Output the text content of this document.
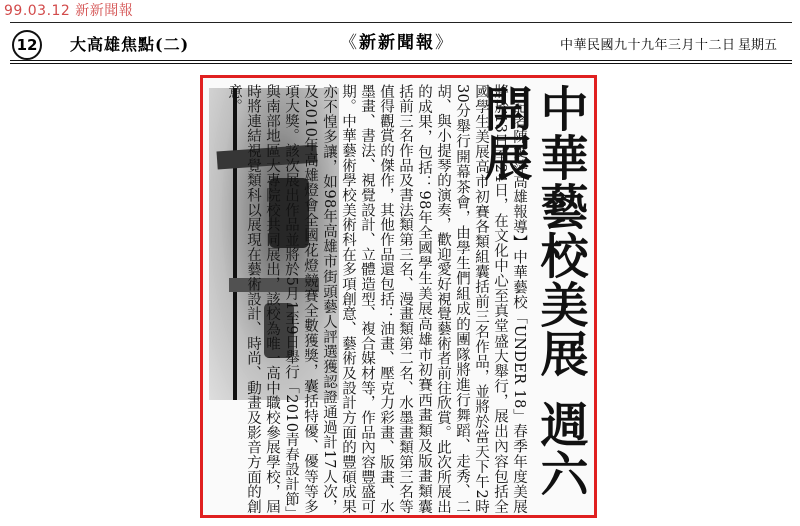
99.03.12 新新聞報
12 大高雄焦點(二)	《新新聞報》	中華民國九十九年三月十二日 星期五

【記者陳雯萍高雄報導】中華藝校「UNDER 18」春季年度美展將於13日至24日，在文化中心至真堂盛大舉行，展出內容包括全國學生美展高市初賽各類組囊括前三名作品，並將於當天下午2時30分舉行開幕茶會，由學生們組成的團隊將進行舞蹈、走秀、二胡、與小提琴的演奏，歡迎愛好視覺藝術者前往欣賞。此次所展出的成果，包括：98年全國學生美展高雄市初賽西畫類及版畫類囊括前三名作品及書法類第三名、漫畫類第二名、水墨畫類第三名等值得觀賞的傑作，其他作品還包括：油畫、壓克力彩畫、版畫、水墨畫、書法、視覺設計、立體造型、複合媒材等，作品內容豐盛可期。中華藝術學校美術科在多項創意、藝術及設計方面的豐碩成果亦不惶多讓，如98年高雄市街頭藝人評選獲認證通過計17人次，及2010年高雄燈會全國花燈競賽全數獲獎，囊括特優、優等等多項大獎。該次展出作品並將於5月1至9日舉行「2010青春設計節」與南部地區大專院校共同展出，該校為唯一高中職校參展學校，屆時將連結視覺類科以展現在藝術設計、時尚、動畫及影音方面的創意。	中華藝校美展週六開展
